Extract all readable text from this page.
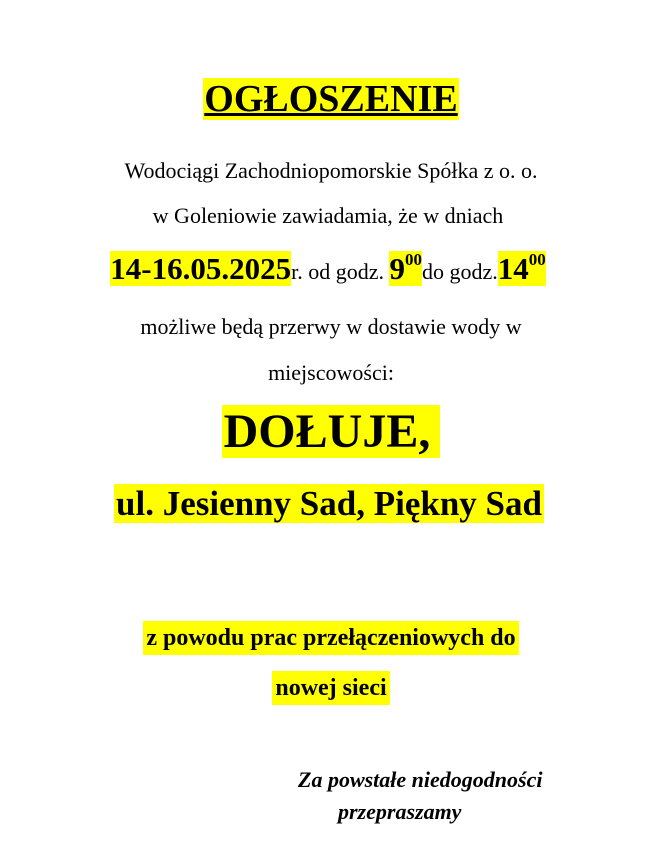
OGŁOSZENIE
Wodociągi Zachodniopomorskie Spółka z o. o.
w Goleniowie zawiadamia, że w dniach
14-16.05.2025r. od godz. $9^{00}do$ $godz.14^{00}$
możliwe będą przerwy w dostawie wody w
miejscowości:
DOŁUJE,
ul. Jesienny Sad, Piękny Sad
z powodu prac przełączeniowych do
nowej sieci
Za powstałe niedogodności
przepraszamy
